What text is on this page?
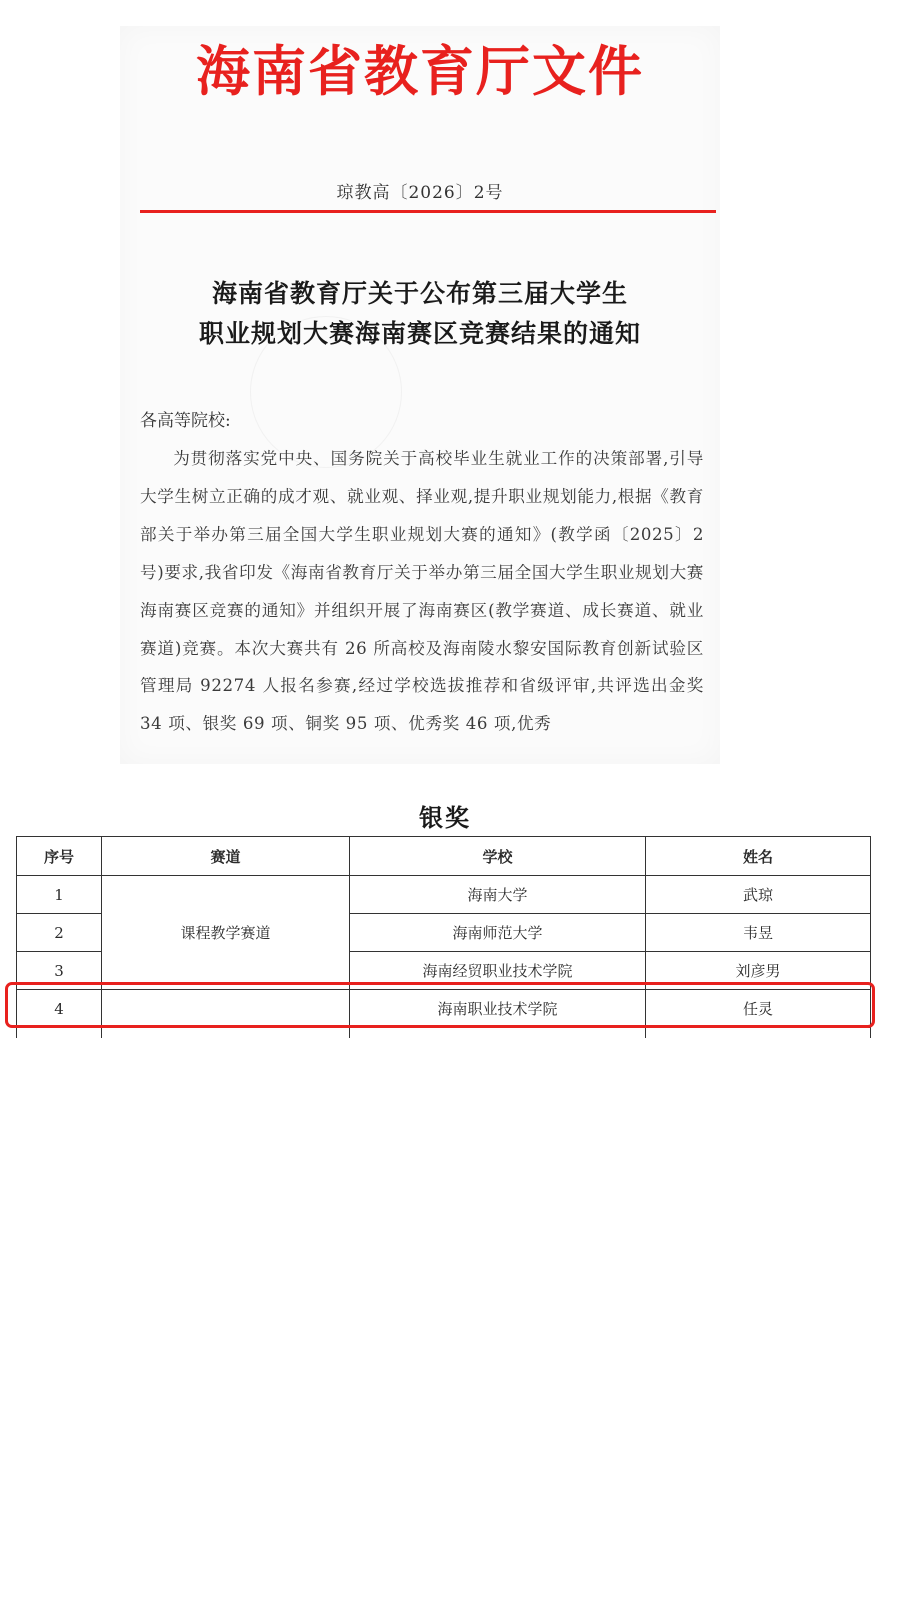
海南省教育厅文件
琼教高〔2026〕2号
海南省教育厅关于公布第三届大学生
职业规划大赛海南赛区竞赛结果的通知
各高等院校:
为贯彻落实党中央、国务院关于高校毕业生就业工作的决策部署,引导大学生树立正确的成才观、就业观、择业观,提升职业规划能力,根据《教育部关于举办第三届全国大学生职业规划大赛的通知》(教学函〔2025〕2号)要求,我省印发《海南省教育厅关于举办第三届全国大学生职业规划大赛海南赛区竞赛的通知》并组织开展了海南赛区(教学赛道、成长赛道、就业赛道)竞赛。本次大赛共有 26 所高校及海南陵水黎安国际教育创新试验区管理局 92274 人报名参赛,经过学校选拔推荐和省级评审,共评选出金奖 34 项、银奖 69 项、铜奖 95 项、优秀奖 46 项,优秀
银奖
序号	赛道	学校	姓名
1	课程教学赛道	海南大学	武琼
2		海南师范大学	韦昱
3		海南经贸职业技术学院	刘彦男
4		海南职业技术学院	任灵
